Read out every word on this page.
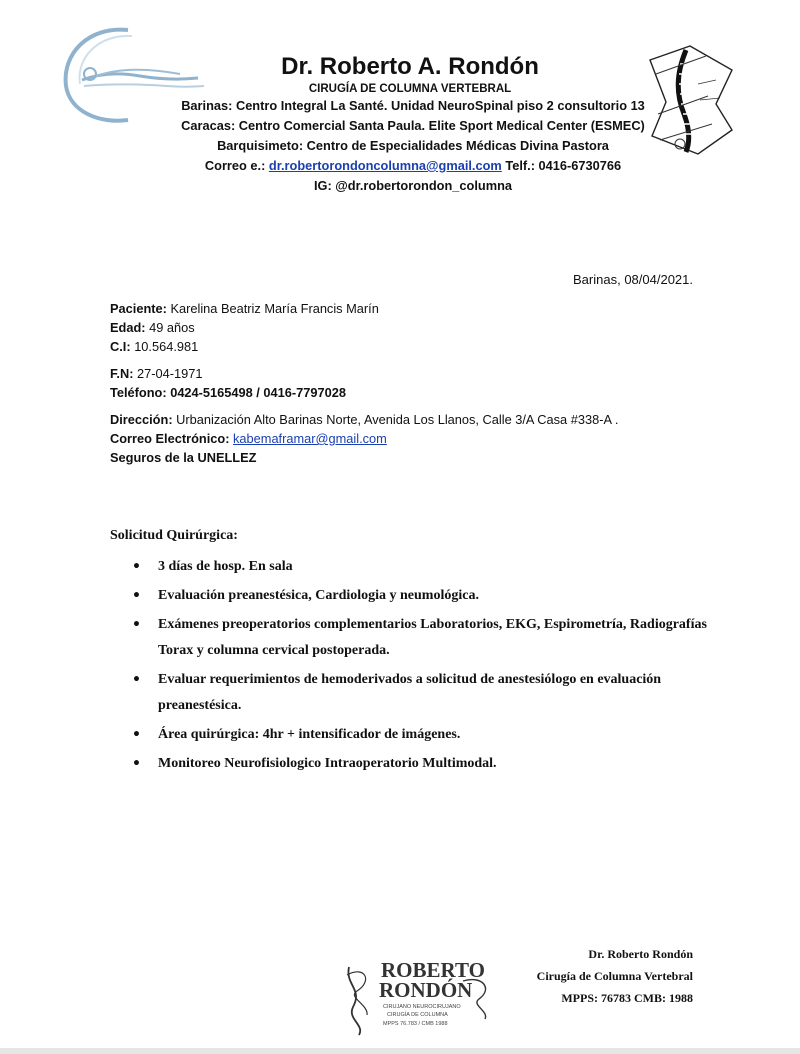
Dr. Roberto A. Rondón
CIRUGÍA DE COLUMNA VERTEBRAL
Barinas: Centro Integral La Santé. Unidad NeuroSpinal piso 2 consultorio 13
Caracas: Centro Comercial Santa Paula. Elite Sport Medical Center (ESMEC)
Barquisimeto: Centro de Especialidades Médicas Divina Pastora
Correo e.: dr.robertorondoncolumna@gmail.com Telf.: 0416-6730766
IG: @dr.robertorondon_columna
Barinas, 08/04/2021.
Paciente: Karelina Beatriz María Francis Marín
Edad: 49 años
C.I: 10.564.981
F.N: 27-04-1971
Teléfono: 0424-5165498 / 0416-7797028
Dirección: Urbanización Alto Barinas Norte, Avenida Los Llanos, Calle 3/A Casa #338-A .
Correo Electrónico: kabemaframar@gmail.com
Seguros de la UNELLEZ
Solicitud Quirúrgica:
• 3 días de hosp. En sala
• Evaluación preanestésica, Cardiologia y neumológica.
• Exámenes preoperatorios complementarios Laboratorios, EKG, Espirometría, Radiografías Torax y columna cervical postoperada.
• Evaluar requerimientos de hemoderivados a solicitud de anestesiólogo en evaluación preanestésica.
• Área quirúrgica: 4hr + intensificador de imágenes.
• Monitoreo Neurofisiologico Intraoperatorio Multimodal.
ROBERTO
RONDÓN
CIRUJANO NEUROCIRUJANO
CIRUGÍA DE COLUMNA
MPPS 76.783 / CMB 1988
Dr. Roberto Rondón
Cirugía de Columna Vertebral
MPPS: 76783 CMB: 1988
